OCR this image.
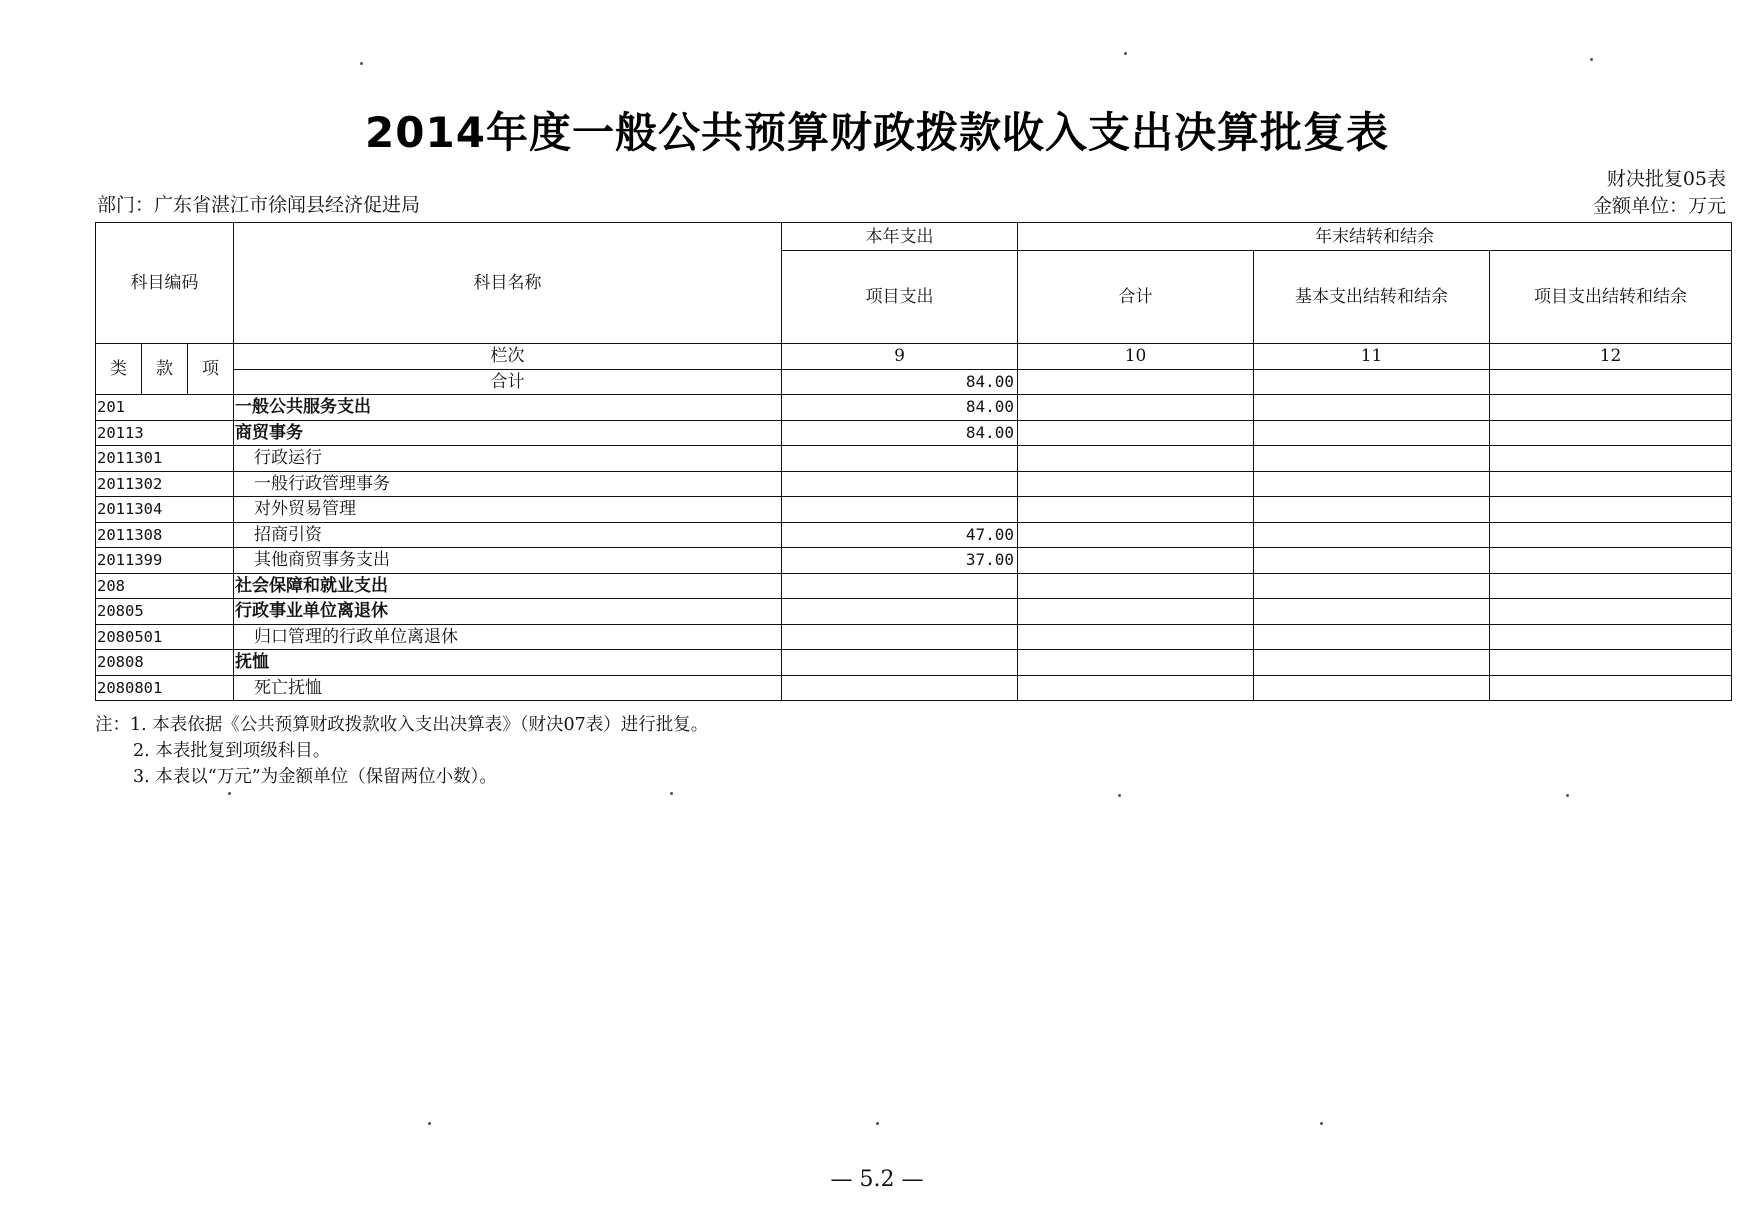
2014年度一般公共预算财政拨款收入支出决算批复表
部门：广东省湛江市徐闻县经济促进局
财决批复05表
金额单位：万元
科目编码			科目名称	本年支出	年末结转和结余		
				项目支出	合计	基本支出结转和结余	项目支出结转和结余
类	款	项	栏次	9	10	11	12
			合计	84.00			
201			一般公共服务支出	84.00			
20113			商贸事务	84.00			
2011301			行政运行				
2011302			一般行政管理事务				
2011304			对外贸易管理				
2011308			招商引资	47.00			
2011399			其他商贸事务支出	37.00			
208			社会保障和就业支出				
20805			行政事业单位离退休				
2080501			归口管理的行政单位离退休				
20808			抚恤				
2080801			死亡抚恤				
注：1. 本表依据《公共预算财政拨款收入支出决算表》（财决07表）进行批复。
2. 本表批复到项级科目。
3. 本表以“万元”为金额单位（保留两位小数）。
— 5.2 —
